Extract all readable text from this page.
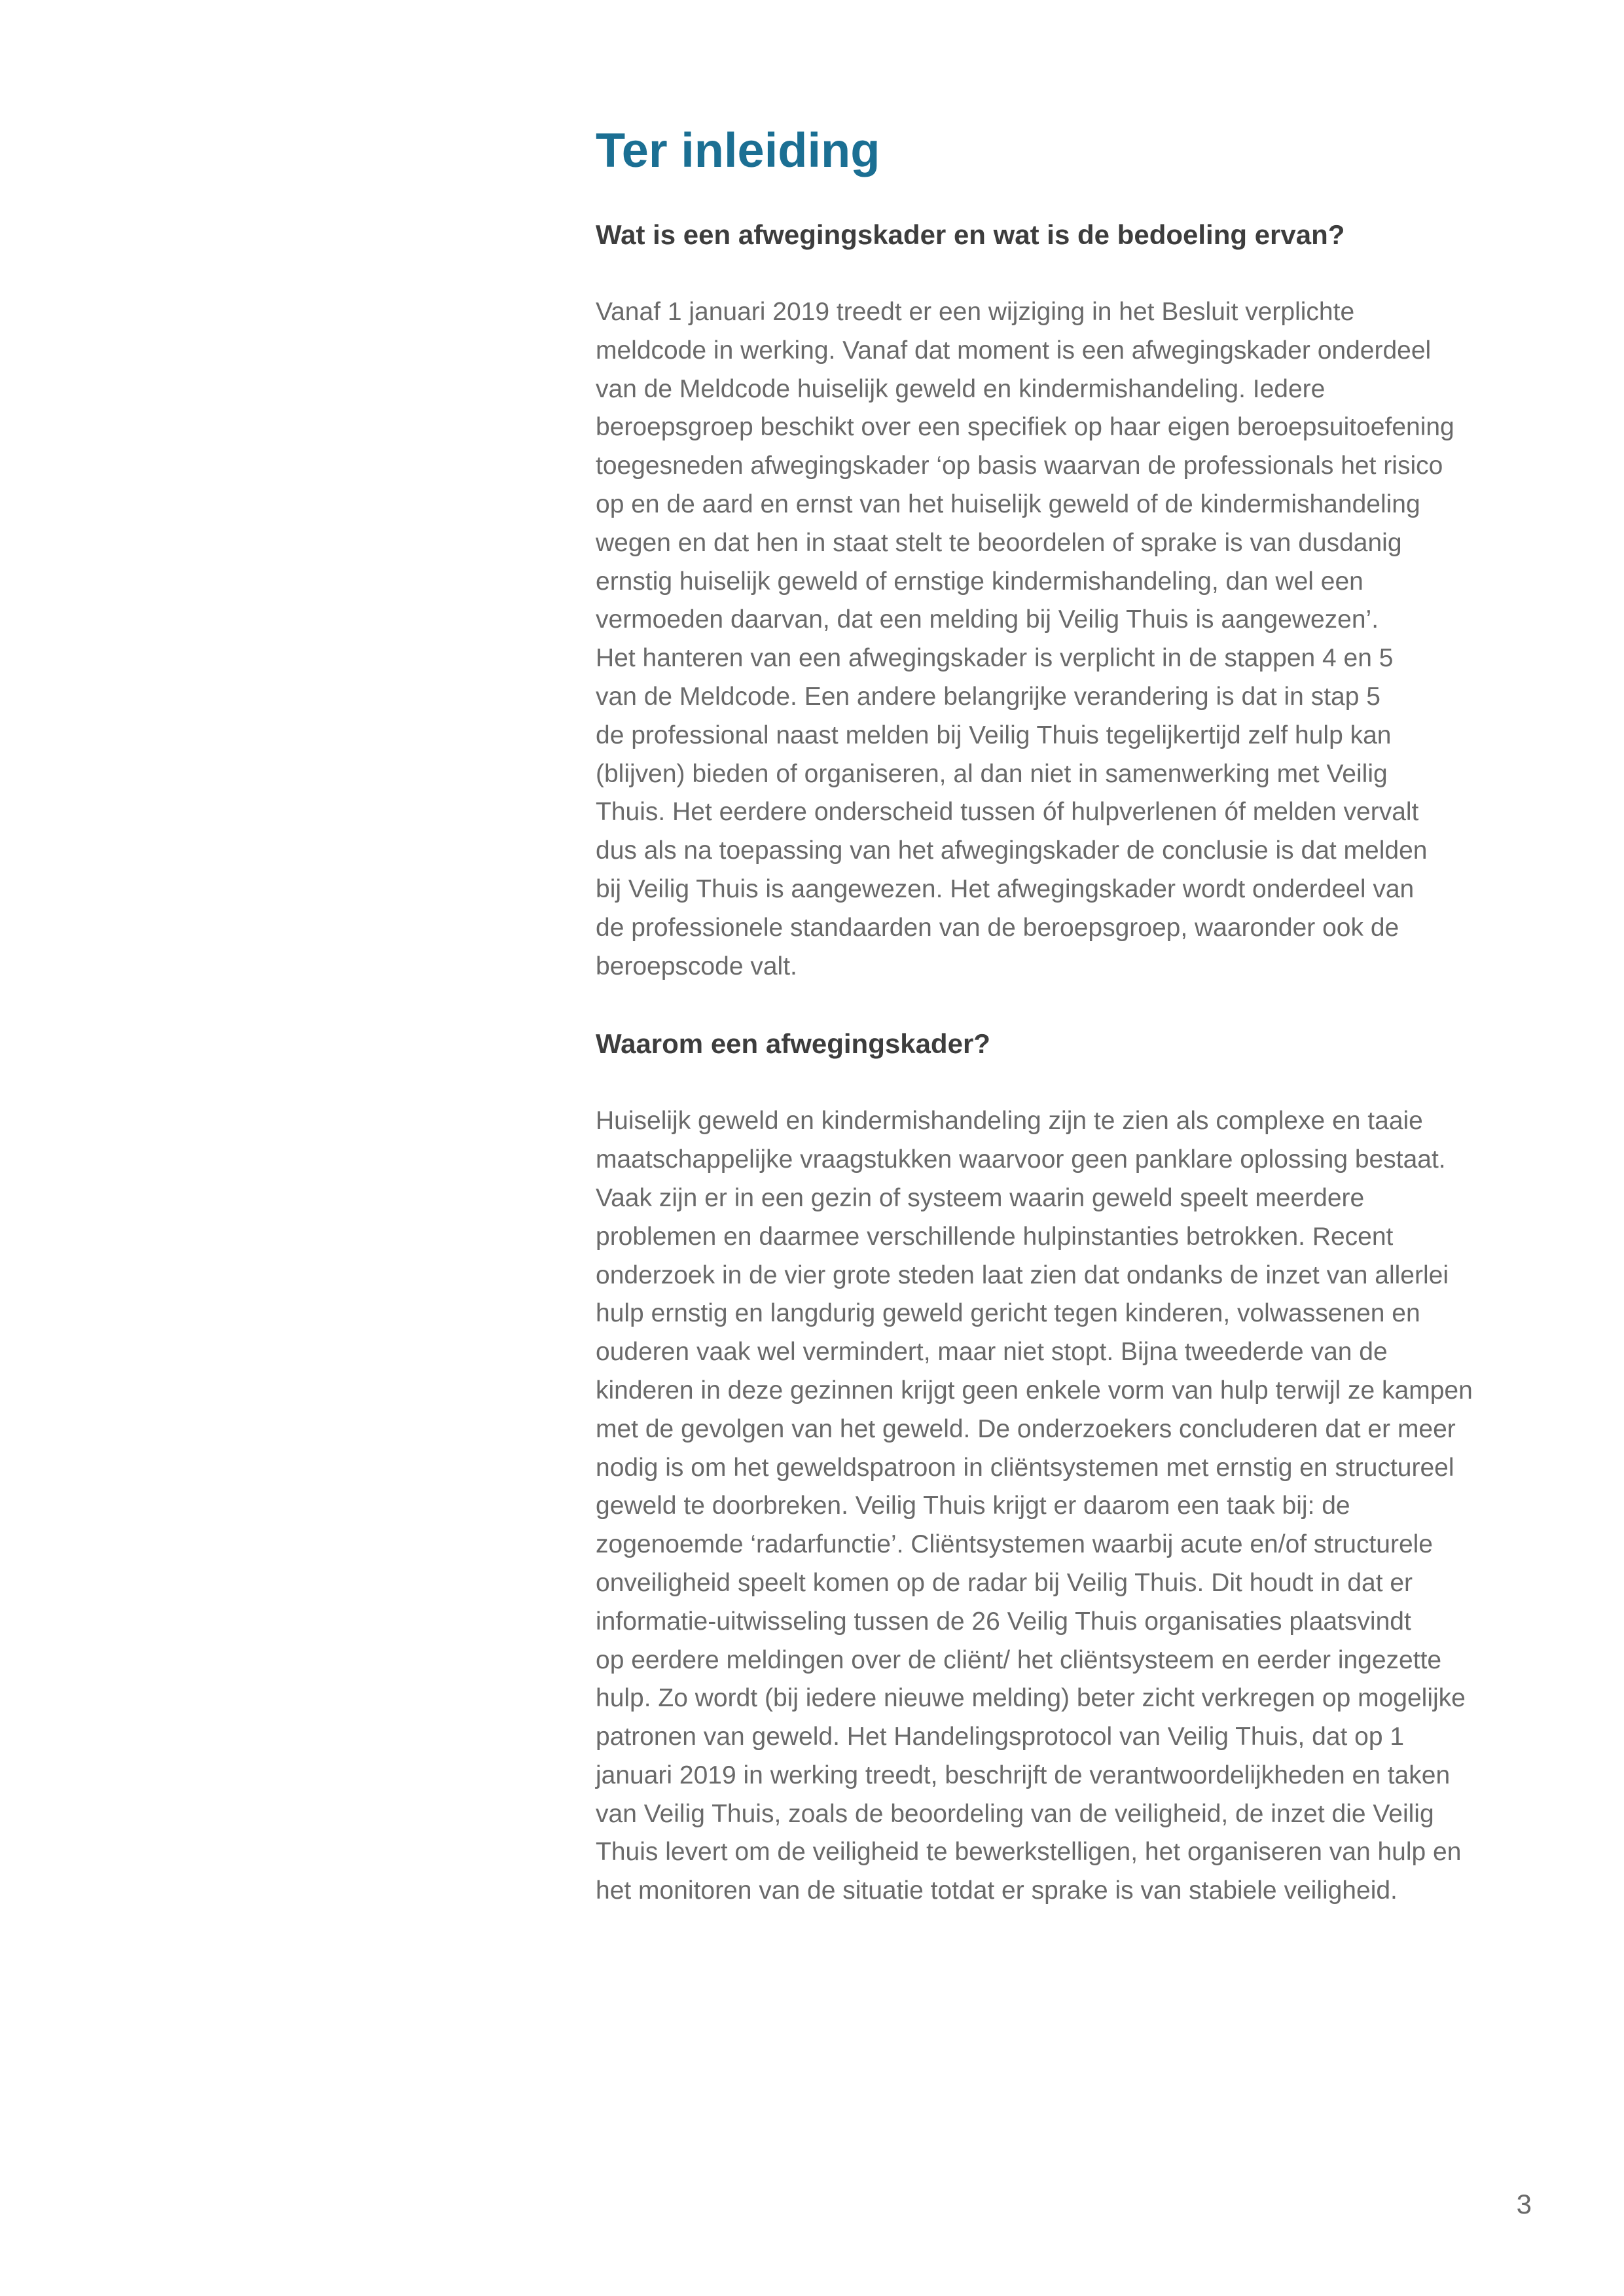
Ter inleiding
Wat is een afwegingskader en wat is de bedoeling ervan?
Vanaf 1 januari 2019 treedt er een wijziging in het Besluit verplichte
meldcode in werking. Vanaf dat moment is een afwegingskader onderdeel
van de Meldcode huiselijk geweld en kindermishandeling. Iedere
beroepsgroep beschikt over een specifiek op haar eigen beroepsuitoefening
toegesneden afwegingskader ‘op basis waarvan de professionals het risico
op en de aard en ernst van het huiselijk geweld of de kindermishandeling
wegen en dat hen in staat stelt te beoordelen of sprake is van dusdanig
ernstig huiselijk geweld of ernstige kindermishandeling, dan wel een
vermoeden daarvan, dat een melding bij Veilig Thuis is aangewezen’.
Het hanteren van een afwegingskader is verplicht in de stappen 4 en 5
van de Meldcode. Een andere belangrijke verandering is dat in stap 5
de professional naast melden bij Veilig Thuis tegelijkertijd zelf hulp kan
(blijven) bieden of organiseren, al dan niet in samenwerking met Veilig
Thuis. Het eerdere onderscheid tussen óf hulpverlenen óf melden vervalt
dus als na toepassing van het afwegingskader de conclusie is dat melden
bij Veilig Thuis is aangewezen. Het afwegingskader wordt onderdeel van
de professionele standaarden van de beroepsgroep, waaronder ook de
beroepscode valt.
Waarom een afwegingskader?
Huiselijk geweld en kindermishandeling zijn te zien als complexe en taaie
maatschappelijke vraagstukken waarvoor geen panklare oplossing bestaat.
Vaak zijn er in een gezin of systeem waarin geweld speelt meerdere
problemen en daarmee verschillende hulpinstanties betrokken. Recent
onderzoek in de vier grote steden laat zien dat ondanks de inzet van allerlei
hulp ernstig en langdurig geweld gericht tegen kinderen, volwassenen en
ouderen vaak wel vermindert, maar niet stopt. Bijna tweederde van de
kinderen in deze gezinnen krijgt geen enkele vorm van hulp terwijl ze kampen
met de gevolgen van het geweld. De onderzoekers concluderen dat er meer
nodig is om het geweldspatroon in cliëntsystemen met ernstig en structureel
geweld te doorbreken. Veilig Thuis krijgt er daarom een taak bij: de
zogenoemde ‘radarfunctie’. Cliëntsystemen waarbij acute en/of structurele
onveiligheid speelt komen op de radar bij Veilig Thuis. Dit houdt in dat er
informatie-uitwisseling tussen de 26 Veilig Thuis organisaties plaatsvindt
op eerdere meldingen over de cliënt/ het cliëntsysteem en eerder ingezette
hulp. Zo wordt (bij iedere nieuwe melding) beter zicht verkregen op mogelijke
patronen van geweld. Het Handelingsprotocol van Veilig Thuis, dat op 1
januari 2019 in werking treedt, beschrijft de verantwoordelijkheden en taken
van Veilig Thuis, zoals de beoordeling van de veiligheid, de inzet die Veilig
Thuis levert om de veiligheid te bewerkstelligen, het organiseren van hulp en
het monitoren van de situatie totdat er sprake is van stabiele veiligheid.

3
